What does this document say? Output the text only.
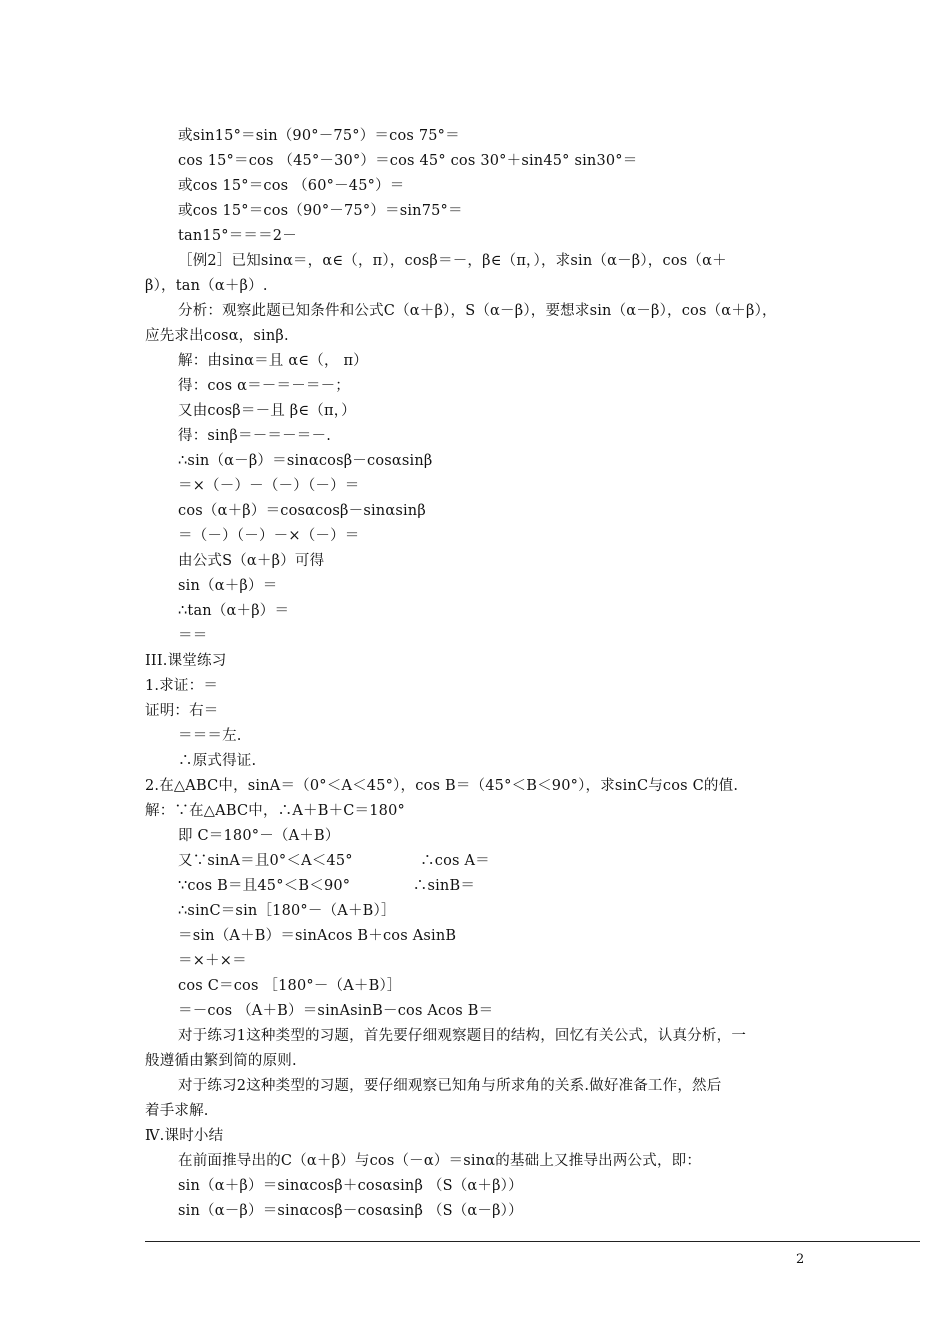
或sin15°＝sin（90°－75°）＝cos 75°＝
cos 15°＝cos （45°－30°）＝cos 45° cos 30°＋sin45° sin30°＝
或cos 15°＝cos （60°－45°）＝
或cos 15°＝cos（90°－75°）＝sin75°＝
tan15°＝＝＝2－
［例2］已知sinα＝，α∈（，π），cosβ＝－，β∈（π，），求sin（α－β），cos（α＋
β），tan（α＋β）.
分析：观察此题已知条件和公式C（α＋β），S（α－β），要想求sin（α－β），cos（α＋β），
应先求出cosα，sinβ.
解：由sinα＝且 α∈（， π）
得：cos α＝－＝－＝－；
又由cosβ＝－且 β∈（π，）
得：sinβ＝－＝－＝－.
∴sin（α－β）＝sinαcosβ－cosαsinβ
＝×（－）－（－）（－）＝
cos（α＋β）＝cosαcosβ－sinαsinβ
＝（－）（－）－×（－）＝
由公式S（α＋β）可得
sin（α＋β）＝
∴tan（α＋β）＝
＝＝
III.课堂练习
1.求证：＝
证明：右＝
＝＝＝左.
∴原式得证.
2.在△ABC中，sinA＝（0°＜A＜45°），cos B＝（45°＜B＜90°），求sinC与cos C的值.
解：∵在△ABC中，∴A＋B＋C＝180°
即 C＝180°－（A＋B）
又∵sinA＝且0°＜A＜45°              ∴cos A＝
∵cos B＝且45°＜B＜90°             ∴sinB＝
∴sinC＝sin［180°－（A＋B）］
＝sin（A＋B）＝sinAcos B＋cos AsinB
＝×＋×＝
cos C＝cos ［180°－（A＋B）］
＝－cos （A＋B）＝sinAsinB－cos Acos B＝
对于练习1这种类型的习题，首先要仔细观察题目的结构，回忆有关公式，认真分析，一
般遵循由繁到简的原则.
对于练习2这种类型的习题，要仔细观察已知角与所求角的关系.做好准备工作，然后
着手求解.
Ⅳ.课时小结
在前面推导出的C（α＋β）与cos（－α）＝sinα的基础上又推导出两公式，即：
sin（α＋β）＝sinαcosβ＋cosαsinβ （S（α＋β））
sin（α－β）＝sinαcosβ－cosαsinβ （S（α－β））
2
